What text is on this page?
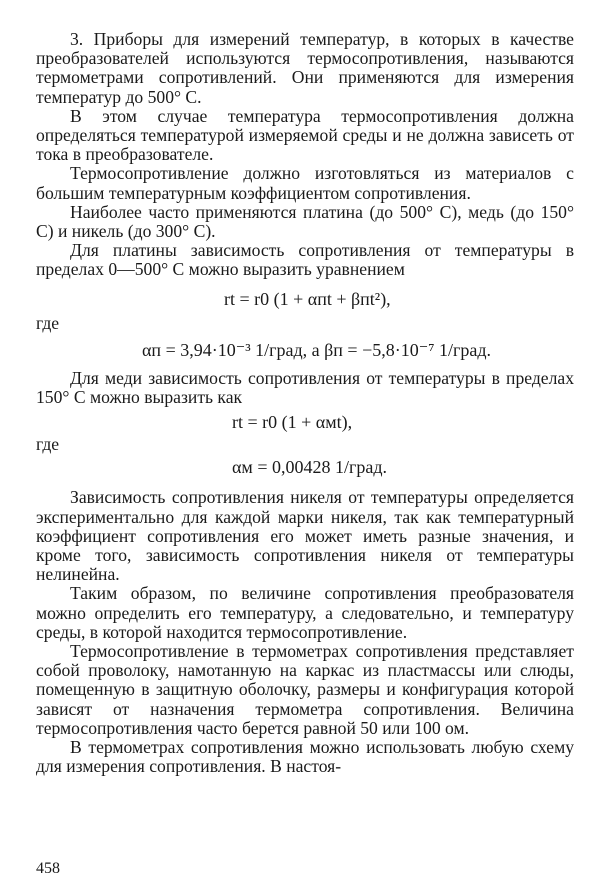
3. Приборы для измерений температур, в которых в качестве преобразователей используются термосопротивления, называются термометрами сопротивлений. Они применяются для измерения температур до 500° С.

В этом случае температура термосопротивления должна определяться температурой измеряемой среды и не должна зависеть от тока в преобразователе.

Термосопротивление должно изготовляться из материалов с большим температурным коэффициентом сопротивления.

Наиболее часто применяются платина (до 500° С), медь (до 150° С) и никель (до 300° С).

Для платины зависимость сопротивления от температуры в пределах 0—500° С можно выразить уравнением

rt = r0 (1 + αпt + βпt²),

где

αп = 3,94·10⁻³ 1/град, а βп = −5,8·10⁻⁷ 1/град.

Для меди зависимость сопротивления от температуры в пределах 150° С можно выразить как

rt = r0 (1 + αмt),

где

αм = 0,00428 1/град.

Зависимость сопротивления никеля от температуры определяется экспериментально для каждой марки никеля, так как температурный коэффициент сопротивления его может иметь разные значения, и кроме того, зависимость сопротивления никеля от температуры нелинейна.

Таким образом, по величине сопротивления преобразователя можно определить его температуру, а следовательно, и температуру среды, в которой находится термосопротивление.

Термосопротивление в термометрах сопротивления представляет собой проволоку, намотанную на каркас из пластмассы или слюды, помещенную в защитную оболочку, размеры и конфигурация которой зависят от назначения термометра сопротивления. Величина термосопротивления часто берется равной 50 или 100 ом.

В термометрах сопротивления можно использовать любую схему для измерения сопротивления. В настоя-

458
